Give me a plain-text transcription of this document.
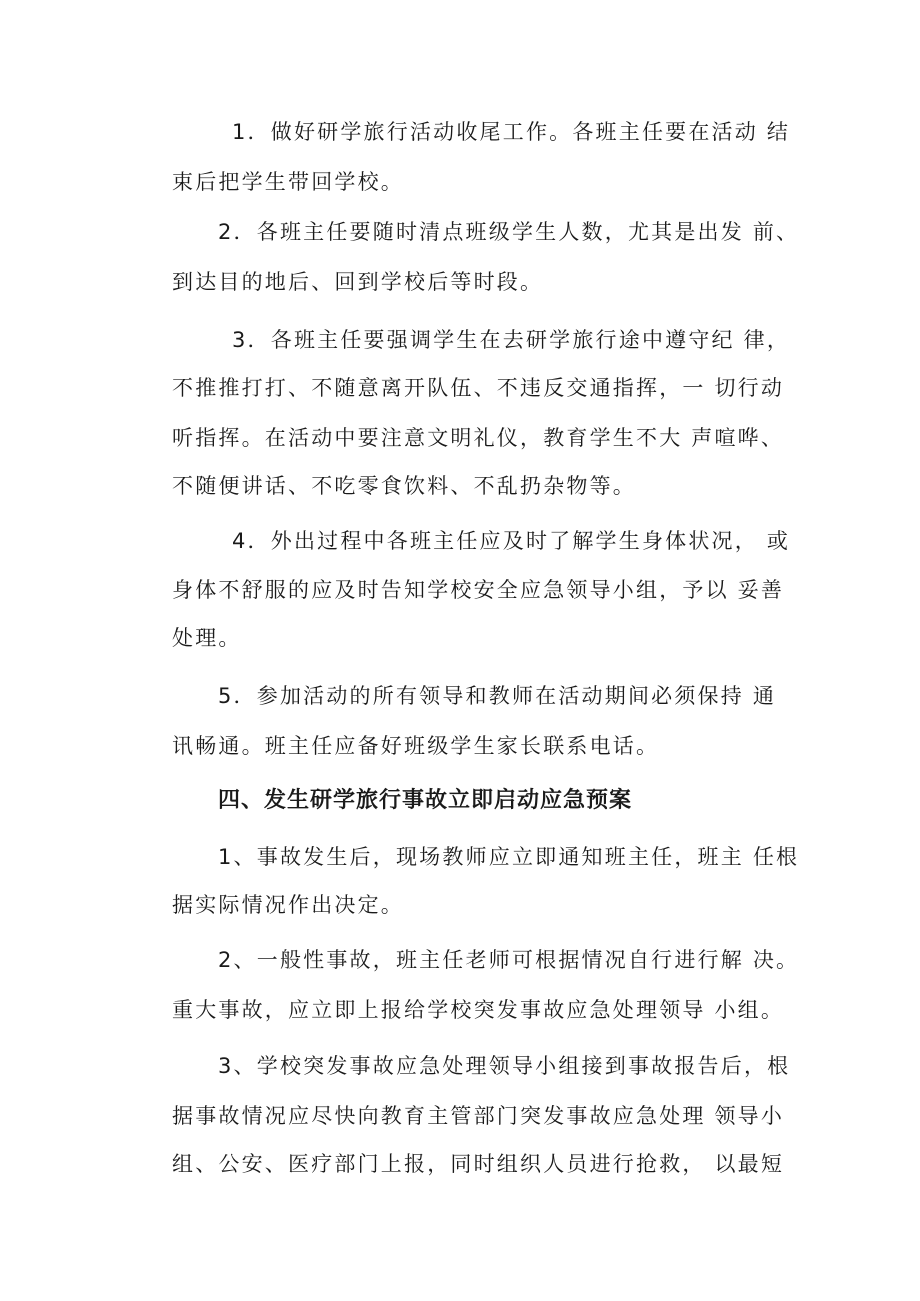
1．做好研学旅行活动收尾工作。各班主任要在活动 结
束后把学生带回学校。
2．各班主任要随时清点班级学生人数，尤其是出发 前、
到达目的地后、回到学校后等时段。
3．各班主任要强调学生在去研学旅行途中遵守纪 律，
不推推打打、不随意离开队伍、不违反交通指挥，一 切行动
听指挥。在活动中要注意文明礼仪，教育学生不大 声喧哗、
不随便讲话、不吃零食饮料、不乱扔杂物等。
4．外出过程中各班主任应及时了解学生身体状况， 或
身体不舒服的应及时告知学校安全应急领导小组，予以 妥善
处理。
5．参加活动的所有领导和教师在活动期间必须保持 通
讯畅通。班主任应备好班级学生家长联系电话。
四、发生研学旅行事故立即启动应急预案
1、事故发生后，现场教师应立即通知班主任，班主 任根
据实际情况作出决定。
2、一般性事故，班主任老师可根据情况自行进行解 决。
重大事故，应立即上报给学校突发事故应急处理领导 小组。
3、学校突发事故应急处理领导小组接到事故报告后，根
据事故情况应尽快向教育主管部门突发事故应急处理 领导小
组、公安、医疗部门上报，同时组织人员进行抢救， 以最短
